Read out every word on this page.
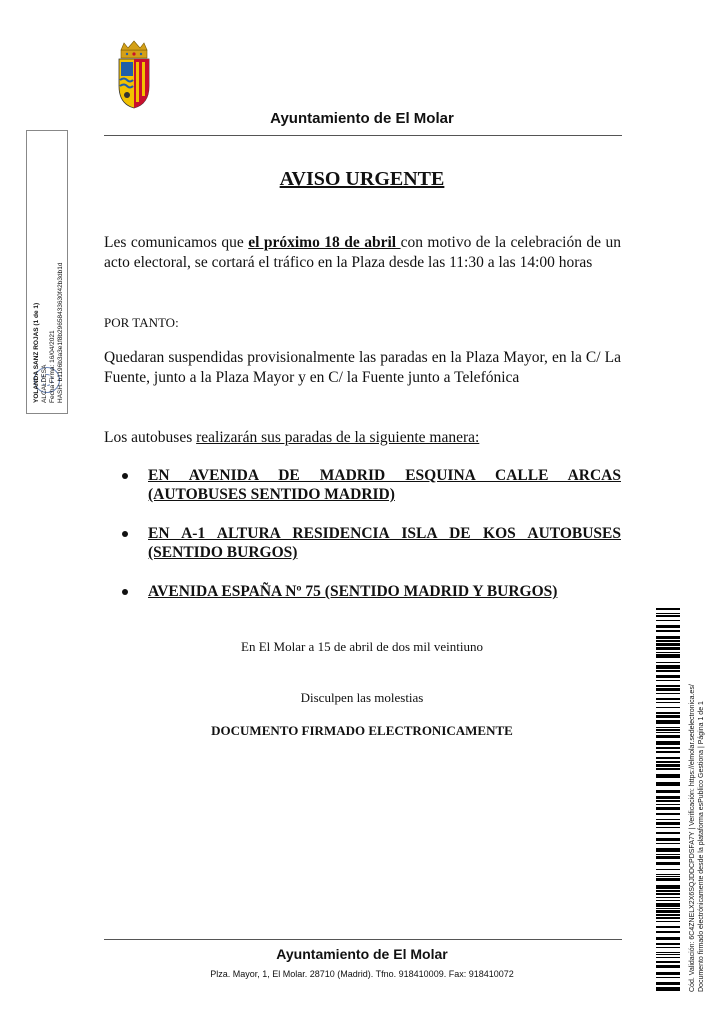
Ayuntamiento de El Molar
AVISO URGENTE
Les comunicamos que el próximo 18 de abril con motivo de la celebración de un acto electoral, se cortará el tráfico en la Plaza desde las 11:30 a las 14:00 horas
POR TANTO:
Quedaran suspendidas provisionalmente las paradas en la Plaza Mayor, en la C/ La Fuente, junto a la Plaza Mayor y en C/ la Fuente junto a Telefónica
Los autobuses realizarán sus paradas de la siguiente manera:
EN AVENIDA DE MADRID ESQUINA CALLE ARCAS (AUTOBUSES SENTIDO MADRID)
EN A-1 ALTURA RESIDENCIA ISLA DE KOS AUTOBUSES (SENTIDO BURGOS)
AVENIDA ESPAÑA Nº 75 (SENTIDO MADRID Y BURGOS)
En El Molar a 15 de abril de dos mil veintiuno
Disculpen las molestias
DOCUMENTO FIRMADO ELECTRONICAMENTE
Ayuntamiento de El Molar
Plza. Mayor, 1, El Molar. 28710 (Madrid). Tfno. 918410009. Fax: 918410072
YOLANDA SANZ ROJAS (1 de 1) ALCALDESA Fecha Firma: 16/04/2021 HASH: b1196b3a3e1f8b29658433630f42b3db1d
Cód. Validación: 6C4ZNELX2X6SQJDDCPDSFA7Y | Verificación: https://elmolar.sedelectronica.es/ Documento firmado electrónicamente desde la plataforma esPublico Gestiona | Página 1 de 1
